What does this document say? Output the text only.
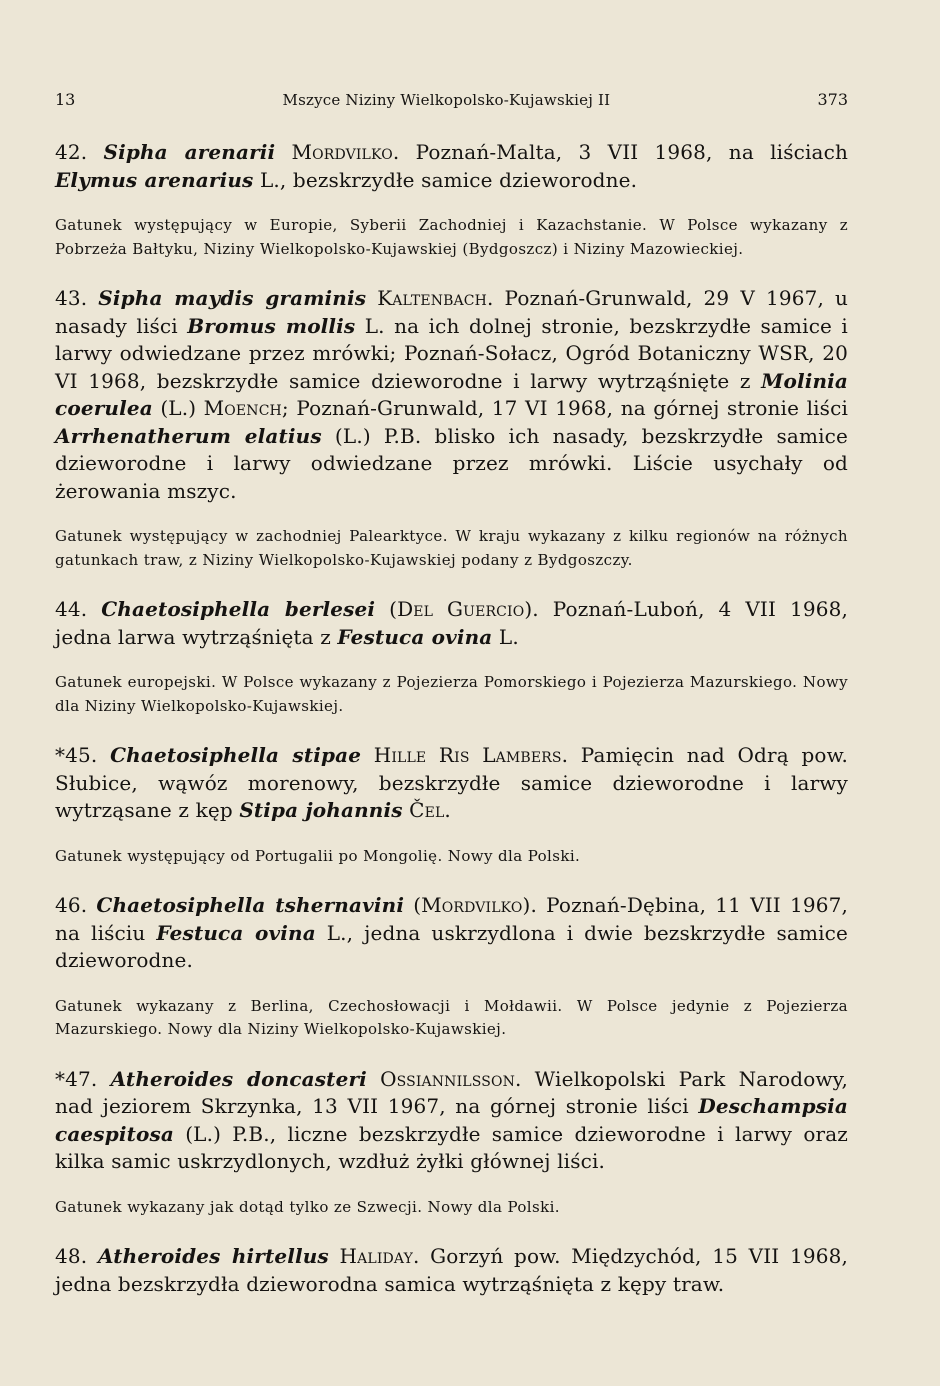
13	Mszyce Niziny Wielkopolsko-Kujawskiej II	373

42. Sipha arenarii Mordvilko. Poznań-Malta, 3 VII 1968, na liściach Elymus arenarius L., bezskrzydłe samice dzieworodne.

Gatunek występujący w Europie, Syberii Zachodniej i Kazachstanie. W Polsce wykazany z Pobrzeża Bałtyku, Niziny Wielkopolsko-Kujawskiej (Bydgoszcz) i Niziny Mazowieckiej.

43. Sipha maydis graminis Kaltenbach. Poznań-Grunwald, 29 V 1967, u nasady liści Bromus mollis L. na ich dolnej stronie, bezskrzydłe samice i larwy odwiedzane przez mrówki; Poznań-Sołacz, Ogród Botaniczny WSR, 20 VI 1968, bezskrzydłe samice dzieworodne i larwy wytrząśnięte z Molinia coerulea (L.) Moench; Poznań-Grunwald, 17 VI 1968, na górnej stronie liści Arrhenatherum elatius (L.) P.B. blisko ich nasady, bezskrzydłe samice dzieworodne i larwy odwiedzane przez mrówki. Liście usychały od żerowania mszyc.

Gatunek występujący w zachodniej Palearktyce. W kraju wykazany z kilku regionów na różnych gatunkach traw, z Niziny Wielkopolsko-Kujawskiej podany z Bydgoszczy.

44. Chaetosiphella berlesei (Del Guercio). Poznań-Luboń, 4 VII 1968, jedna larwa wytrząśnięta z Festuca ovina L.

Gatunek europejski. W Polsce wykazany z Pojezierza Pomorskiego i Pojezierza Mazurskiego. Nowy dla Niziny Wielkopolsko-Kujawskiej.

*45. Chaetosiphella stipae Hille Ris Lambers. Pamięcin nad Odrą pow. Słubice, wąwóz morenowy, bezskrzydłe samice dzieworodne i larwy wytrząsane z kęp Stipa johannis Čel.

Gatunek występujący od Portugalii po Mongolię. Nowy dla Polski.

46. Chaetosiphella tshernavini (Mordvilko). Poznań-Dębina, 11 VII 1967, na liściu Festuca ovina L., jedna uskrzydlona i dwie bezskrzydłe samice dzieworodne.

Gatunek wykazany z Berlina, Czechosłowacji i Mołdawii. W Polsce jedynie z Pojezierza Mazurskiego. Nowy dla Niziny Wielkopolsko-Kujawskiej.

*47. Atheroides doncasteri Ossiannilsson. Wielkopolski Park Narodowy, nad jeziorem Skrzynka, 13 VII 1967, na górnej stronie liści Deschampsia caespitosa (L.) P.B., liczne bezskrzydłe samice dzieworodne i larwy oraz kilka samic uskrzydlonych, wzdłuż żyłki głównej liści.

Gatunek wykazany jak dotąd tylko ze Szwecji. Nowy dla Polski.

48. Atheroides hirtellus Haliday. Gorzyń pow. Międzychód, 15 VII 1968, jedna bezskrzydła dzieworodna samica wytrząśnięta z kępy traw.
